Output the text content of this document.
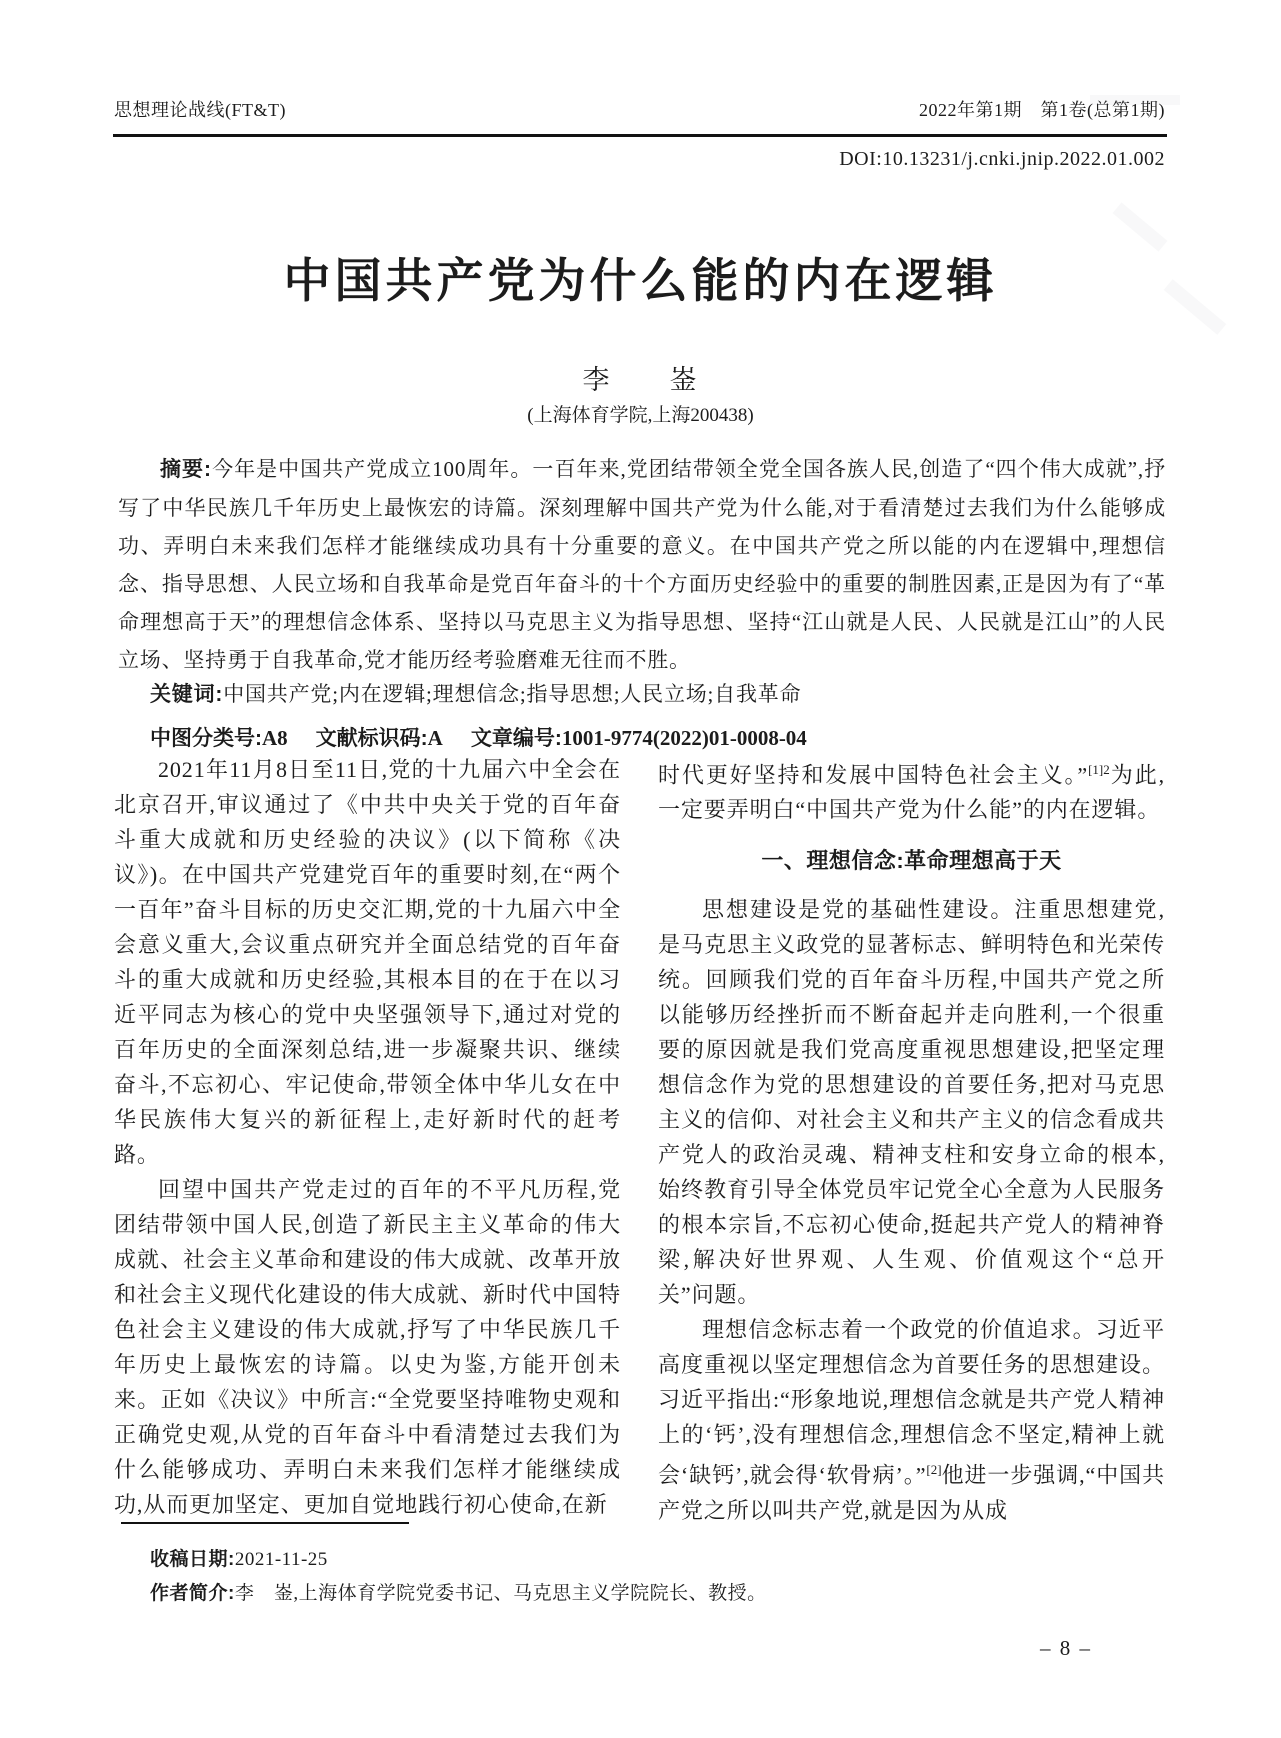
思想理论战线(FT&T)	2022年第1期　第1卷(总第1期)
DOI:10.13231/j.cnki.jnip.2022.01.002
中国共产党为什么能的内在逻辑
李　　崟
(上海体育学院,上海200438)
摘要:今年是中国共产党成立100周年。一百年来,党团结带领全党全国各族人民,创造了“四个伟大成就”,抒写了中华民族几千年历史上最恢宏的诗篇。深刻理解中国共产党为什么能,对于看清楚过去我们为什么能够成功、弄明白未来我们怎样才能继续成功具有十分重要的意义。在中国共产党之所以能的内在逻辑中,理想信念、指导思想、人民立场和自我革命是党百年奋斗的十个方面历史经验中的重要的制胜因素,正是因为有了“革命理想高于天”的理想信念体系、坚持以马克思主义为指导思想、坚持“江山就是人民、人民就是江山”的人民立场、坚持勇于自我革命,党才能历经考验磨难无往而不胜。
关键词:中国共产党;内在逻辑;理想信念;指导思想;人民立场;自我革命
中图分类号:A8 文献标识码:A 文章编号:1001-9774(2022)01-0008-04

2021年11月8日至11日,党的十九届六中全会在北京召开,审议通过了《中共中央关于党的百年奋斗重大成就和历史经验的决议》(以下简称《决议》)。在中国共产党建党百年的重要时刻,在“两个一百年”奋斗目标的历史交汇期,党的十九届六中全会意义重大,会议重点研究并全面总结党的百年奋斗的重大成就和历史经验,其根本目的在于在以习近平同志为核心的党中央坚强领导下,通过对党的百年历史的全面深刻总结,进一步凝聚共识、继续奋斗,不忘初心、牢记使命,带领全体中华儿女在中华民族伟大复兴的新征程上,走好新时代的赶考路。

回望中国共产党走过的百年的不平凡历程,党团结带领中国人民,创造了新民主主义革命的伟大成就、社会主义革命和建设的伟大成就、改革开放和社会主义现代化建设的伟大成就、新时代中国特色社会主义建设的伟大成就,抒写了中华民族几千年历史上最恢宏的诗篇。以史为鉴,方能开创未来。正如《决议》中所言:“全党要坚持唯物史观和正确党史观,从党的百年奋斗中看清楚过去我们为什么能够成功、弄明白未来我们怎样才能继续成功,从而更加坚定、更加自觉地践行初心使命,在新

时代更好坚持和发展中国特色社会主义。”$^{[1]2}$为此,一定要弄明白“中国共产党为什么能”的内在逻辑。

一、理想信念:革命理想高于天

思想建设是党的基础性建设。注重思想建党,是马克思主义政党的显著标志、鲜明特色和光荣传统。回顾我们党的百年奋斗历程,中国共产党之所以能够历经挫折而不断奋起并走向胜利,一个很重要的原因就是我们党高度重视思想建设,把坚定理想信念作为党的思想建设的首要任务,把对马克思主义的信仰、对社会主义和共产主义的信念看成共产党人的政治灵魂、精神支柱和安身立命的根本,始终教育引导全体党员牢记党全心全意为人民服务的根本宗旨,不忘初心使命,挺起共产党人的精神脊梁,解决好世界观、人生观、价值观这个“总开关”问题。

理想信念标志着一个政党的价值追求。习近平高度重视以坚定理想信念为首要任务的思想建设。习近平指出:“形象地说,理想信念就是共产党人精神上的‘钙’,没有理想信念,理想信念不坚定,精神上就会‘缺钙’,就会得‘软骨病’。”[2]他进一步强调,“中国共产党之所以叫共产党,就是因为从成

收稿日期:2021-11-25
作者简介:李　崟,上海体育学院党委书记、马克思主义学院院长、教授。
– 8 –
